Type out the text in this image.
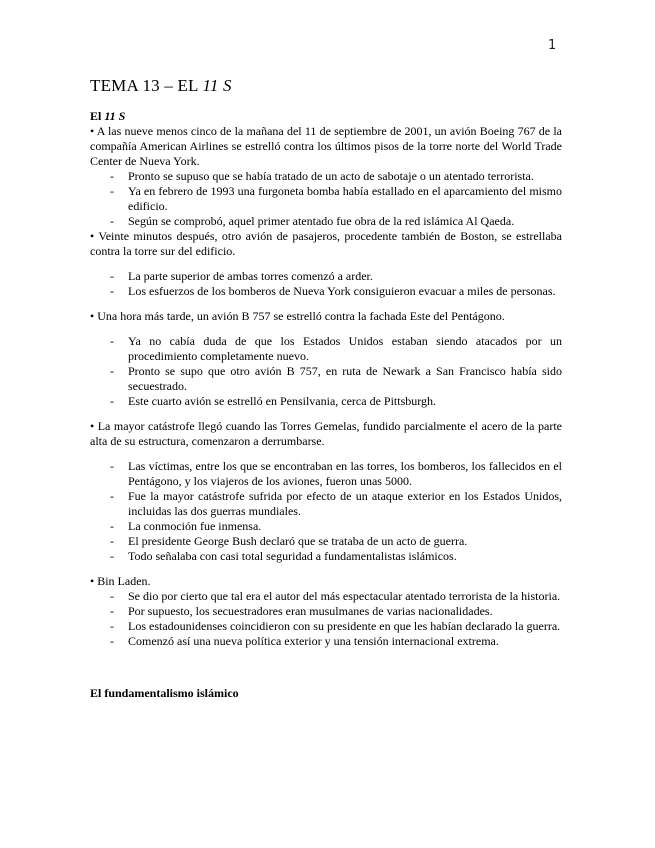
1
TEMA 13 – EL 11 S

El 11 S

• A las nueve menos cinco de la mañana del 11 de septiembre de 2001, un avión Boeing 767 de la compañía American Airlines se estrelló contra los últimos pisos de la torre norte del World Trade Center de Nueva York.

- Pronto se supuso que se había tratado de un acto de sabotaje o un atentado terrorista.
- Ya en febrero de 1993 una furgoneta bomba había estallado en el aparcamiento del mismo edificio.
- Según se comprobó, aquel primer atentado fue obra de la red islámica Al Qaeda.

• Veinte minutos después, otro avión de pasajeros, procedente también de Boston, se estrellaba contra la torre sur del edificio.

- La parte superior de ambas torres comenzó a arder.
- Los esfuerzos de los bomberos de Nueva York consiguieron evacuar a miles de personas.

• Una hora más tarde, un avión B 757 se estrelló contra la fachada Este del Pentágono.

- Ya no cabía duda de que los Estados Unidos estaban siendo atacados por un procedimiento completamente nuevo.
- Pronto se supo que otro avión B 757, en ruta de Newark a San Francisco había sido secuestrado.
- Este cuarto avión se estrelló en Pensilvania, cerca de Pittsburgh.

• La mayor catástrofe llegó cuando las Torres Gemelas, fundido parcialmente el acero de la parte alta de su estructura, comenzaron a derrumbarse.

- Las víctimas, entre los que se encontraban en las torres, los bomberos, los fallecidos en el Pentágono, y los viajeros de los aviones, fueron unas 5000.
- Fue la mayor catástrofe sufrida por efecto de un ataque exterior en los Estados Unidos, incluidas las dos guerras mundiales.
- La conmoción fue inmensa.
- El presidente George Bush declaró que se trataba de un acto de guerra.
- Todo señalaba con casi total seguridad a fundamentalistas islámicos.

• Bin Laden.

- Se dio por cierto que tal era el autor del más espectacular atentado terrorista de la historia.
- Por supuesto, los secuestradores eran musulmanes de varias nacionalidades.
- Los estadounidenses coincidieron con su presidente en que les habían declarado la guerra.
- Comenzó así una nueva política exterior y una tensión internacional extrema.

El fundamentalismo islámico
